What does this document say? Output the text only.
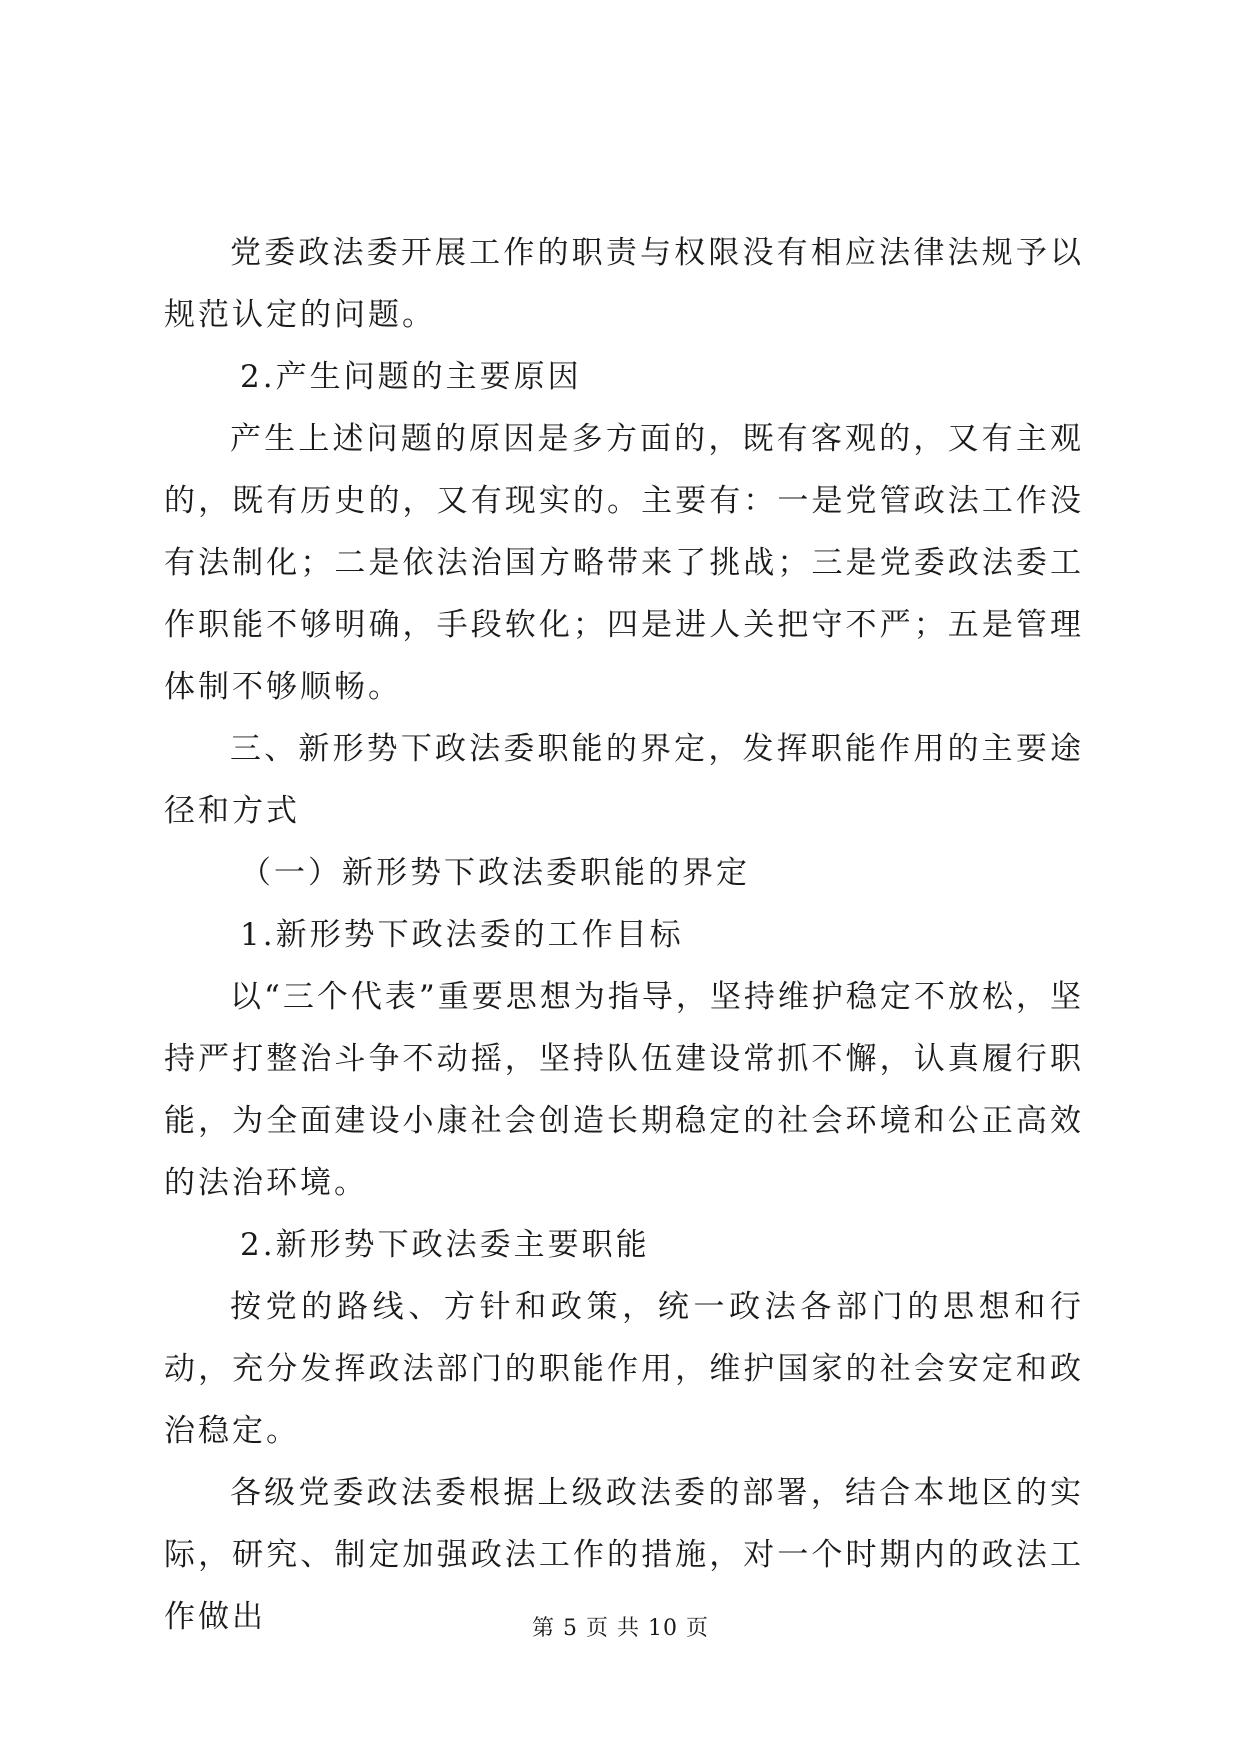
党委政法委开展工作的职责与权限没有相应法律法规予以规范认定的问题。

2.产生问题的主要原因

产生上述问题的原因是多方面的，既有客观的，又有主观的，既有历史的，又有现实的。主要有：一是党管政法工作没有法制化；二是依法治国方略带来了挑战；三是党委政法委工作职能不够明确，手段软化；四是进人关把守不严；五是管理体制不够顺畅。

三、新形势下政法委职能的界定，发挥职能作用的主要途径和方式

（一）新形势下政法委职能的界定

1.新形势下政法委的工作目标

以“三个代表”重要思想为指导，坚持维护稳定不放松，坚持严打整治斗争不动摇，坚持队伍建设常抓不懈，认真履行职能，为全面建设小康社会创造长期稳定的社会环境和公正高效的法治环境。

2.新形势下政法委主要职能

按党的路线、方针和政策，统一政法各部门的思想和行动，充分发挥政法部门的职能作用，维护国家的社会安定和政治稳定。

各级党委政法委根据上级政法委的部署，结合本地区的实际，研究、制定加强政法工作的措施，对一个时期内的政法工作做出	第 5 页 共 10 页
